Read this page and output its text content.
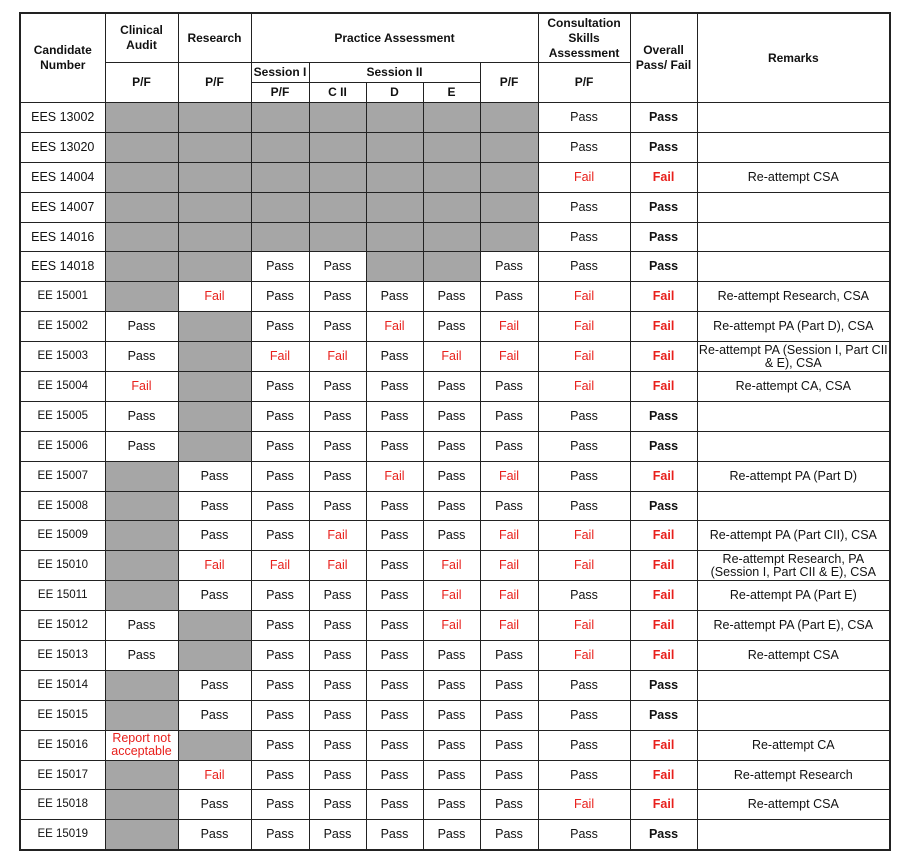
Candidate Number	Clinical Audit	Research	Practice Assessment					Consultation Skills Assessment	Overall Pass/ Fail	Remarks
	P/F	P/F	Session I	Session II			P/F	P/F		
			P/F	C II	D	E				
EES 13002								Pass	Pass	
EES 13020								Pass	Pass	
EES 14004								Fail	Fail	Re-attempt CSA
EES 14007								Pass	Pass	
EES 14016								Pass	Pass	
EES 14018			Pass	Pass			Pass	Pass	Pass	
EE 15001		Fail	Pass	Pass	Pass	Pass	Pass	Fail	Fail	Re-attempt Research, CSA
EE 15002	Pass		Pass	Pass	Fail	Pass	Fail	Fail	Fail	Re-attempt PA (Part D), CSA
EE 15003	Pass		Fail	Fail	Pass	Fail	Fail	Fail	Fail	Re-attempt PA (Session I, Part CII & E), CSA
EE 15004	Fail		Pass	Pass	Pass	Pass	Pass	Fail	Fail	Re-attempt CA, CSA
EE 15005	Pass		Pass	Pass	Pass	Pass	Pass	Pass	Pass	
EE 15006	Pass		Pass	Pass	Pass	Pass	Pass	Pass	Pass	
EE 15007		Pass	Pass	Pass	Fail	Pass	Fail	Pass	Fail	Re-attempt PA (Part D)
EE 15008		Pass	Pass	Pass	Pass	Pass	Pass	Pass	Pass	
EE 15009		Pass	Pass	Fail	Pass	Pass	Fail	Fail	Fail	Re-attempt PA (Part CII), CSA
EE 15010		Fail	Fail	Fail	Pass	Fail	Fail	Fail	Fail	Re-attempt Research, PA (Session I, Part CII & E), CSA
EE 15011		Pass	Pass	Pass	Pass	Fail	Fail	Pass	Fail	Re-attempt PA (Part E)
EE 15012	Pass		Pass	Pass	Pass	Fail	Fail	Fail	Fail	Re-attempt PA (Part E), CSA
EE 15013	Pass		Pass	Pass	Pass	Pass	Pass	Fail	Fail	Re-attempt CSA
EE 15014		Pass	Pass	Pass	Pass	Pass	Pass	Pass	Pass	
EE 15015		Pass	Pass	Pass	Pass	Pass	Pass	Pass	Pass	
EE 15016	Report not acceptable		Pass	Pass	Pass	Pass	Pass	Pass	Fail	Re-attempt CA
EE 15017		Fail	Pass	Pass	Pass	Pass	Pass	Pass	Fail	Re-attempt Research
EE 15018		Pass	Pass	Pass	Pass	Pass	Pass	Fail	Fail	Re-attempt CSA
EE 15019		Pass	Pass	Pass	Pass	Pass	Pass	Pass	Pass	
